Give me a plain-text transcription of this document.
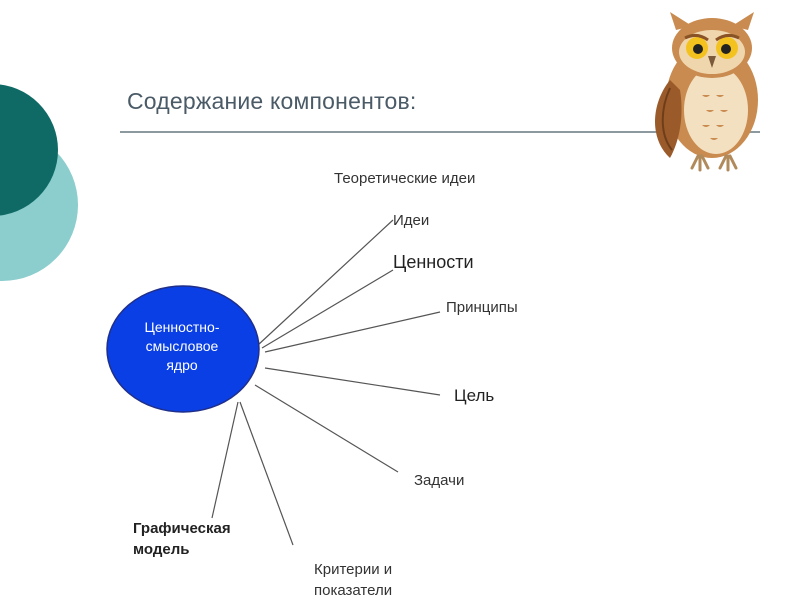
Содержание компонентов:
Ценностно-
смысловое
ядро
Теоретические идеи
Идеи
Ценности
Принципы
Цель
Задачи
Критерии и
показатели
Графическая
модель
